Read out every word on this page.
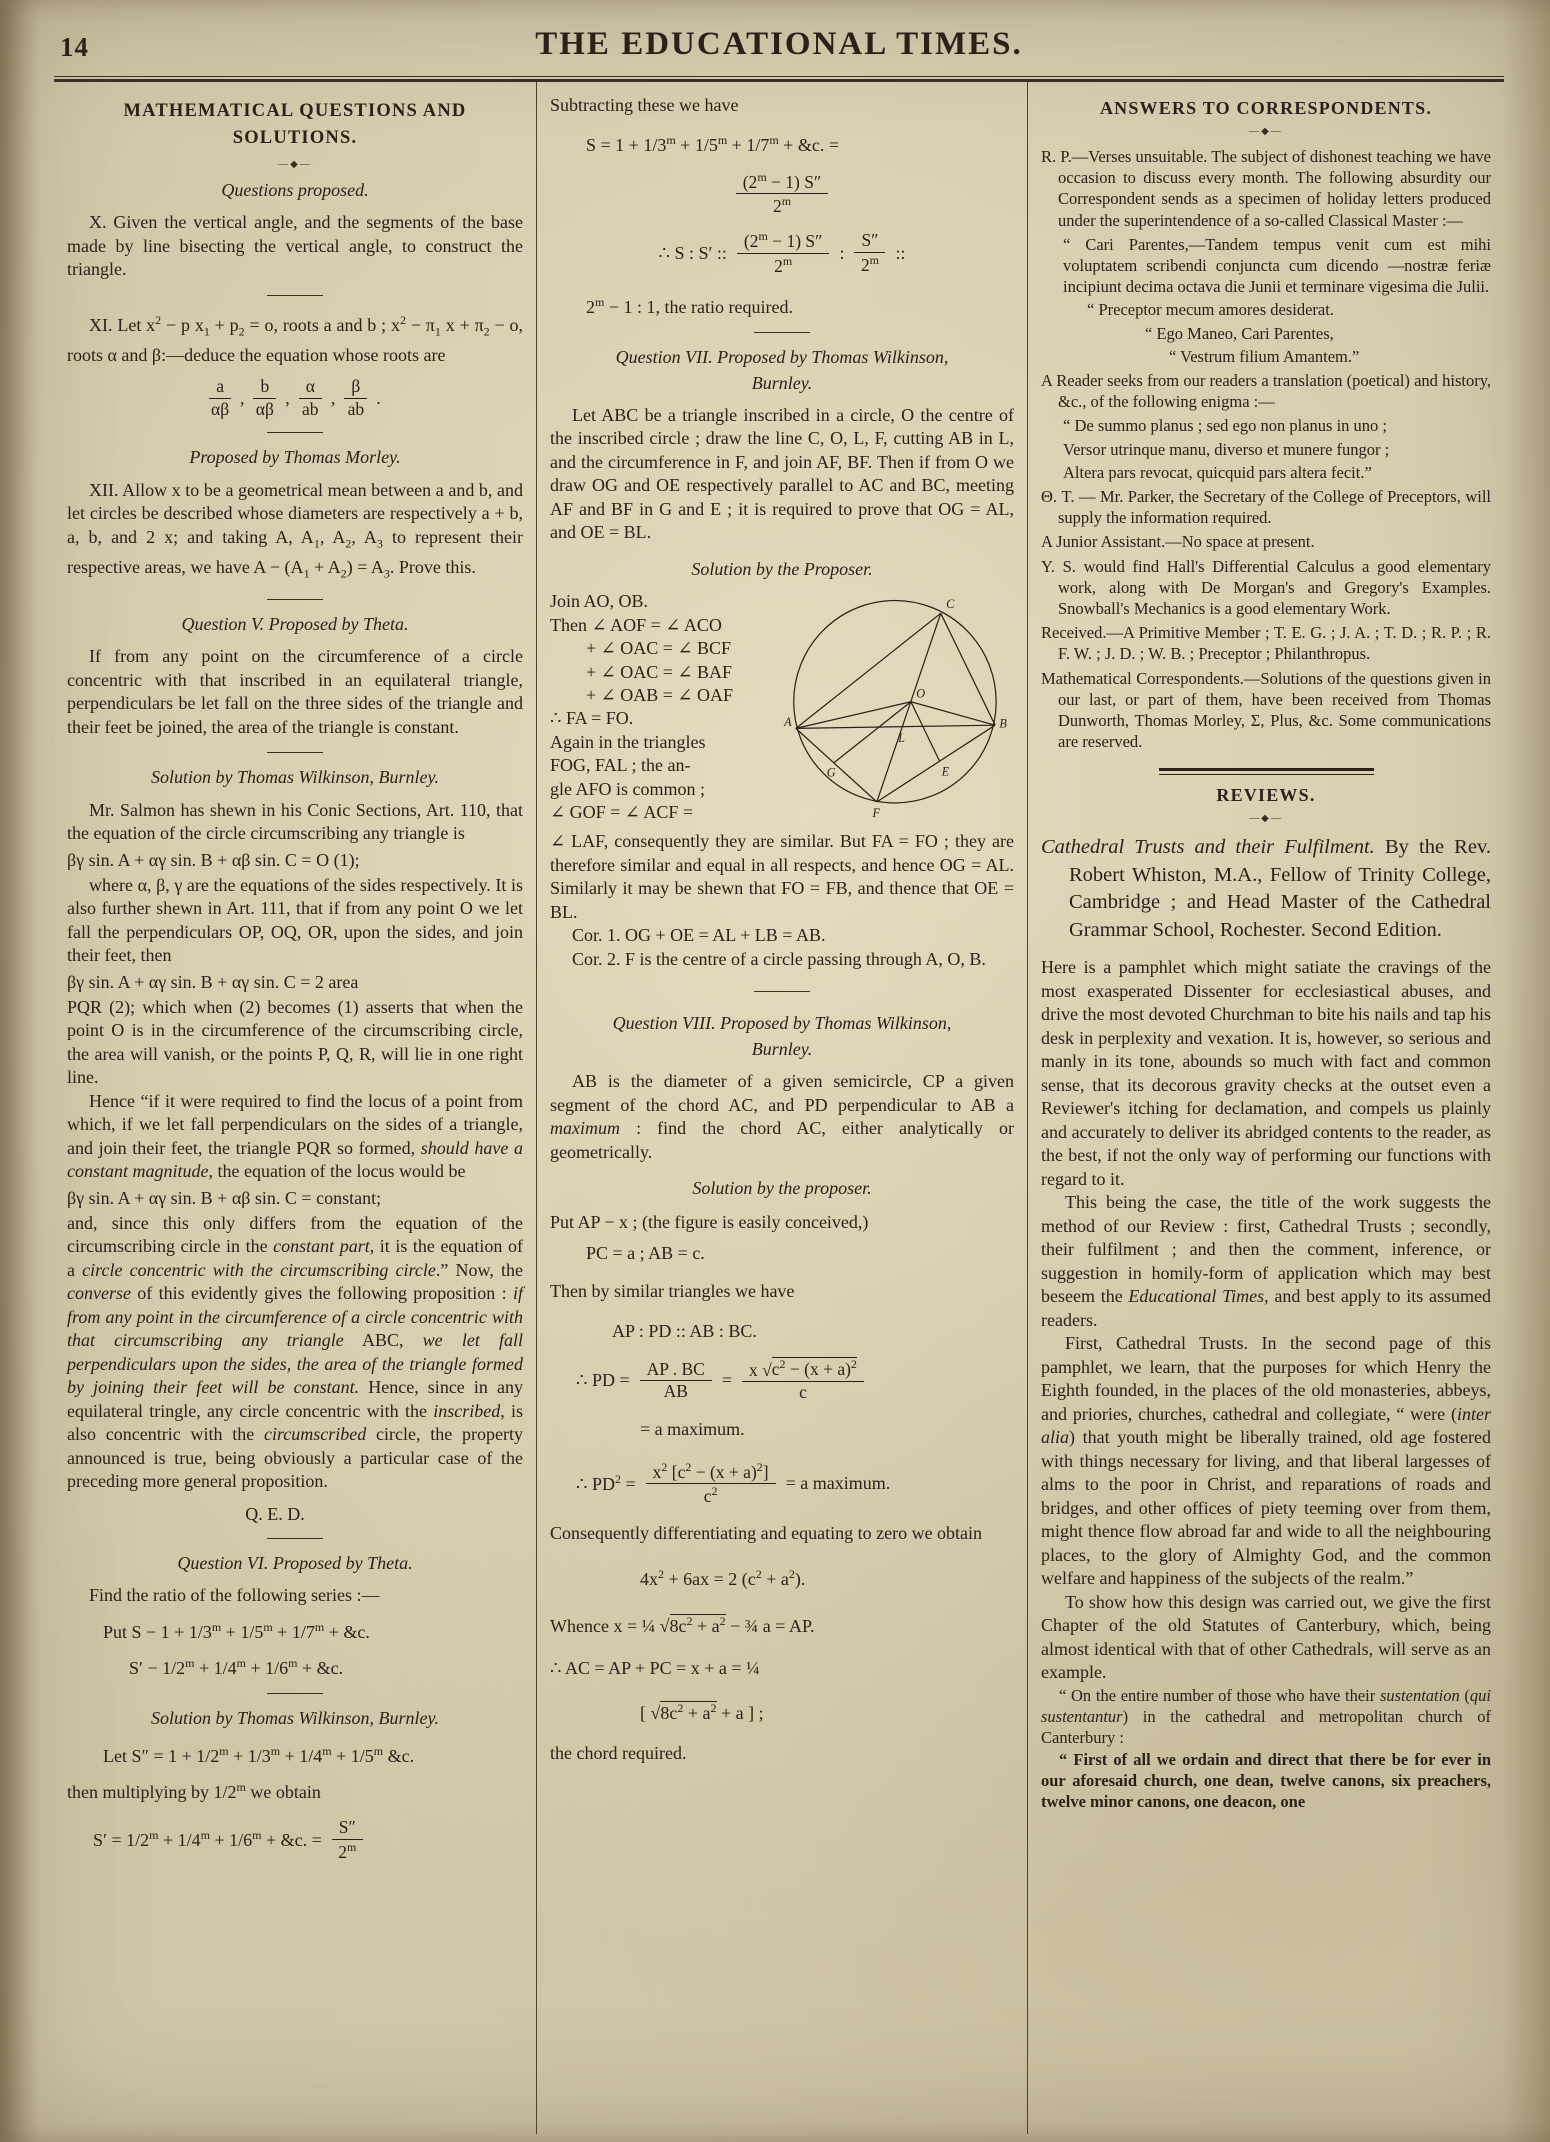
14	THE EDUCATIONAL TIMES.
MATHEMATICAL QUESTIONS AND
SOLUTIONS.
—◆—

Questions proposed.

X. Given the vertical angle, and the segments of the base made by line bisecting the vertical angle, to construct the triangle.

XI. Let $x^2 - p$ $x_1 + p_2 = o$, roots a and b ; $x^2 - \pi_1$ $x + \pi_2 - o$, roots α and β:—deduce the equation whose roots are

$\frac{a}{\alpha\beta}$ , $\frac{b}{\alpha\beta}$ , $\frac{\alpha}{ab}$ , $\frac{\beta}{ab}$ .

Proposed by Thomas Morley.

XII. Allow x to be a geometrical mean between a and b, and let circles be described whose diameters are respectively a + b, a, b, and 2 x; and taking A, $A_1$, $A_2$, $A_3$ to represent their respective areas, we have $A - (A_1 + A_2) = A_3$. Prove this.

Question V. Proposed by Theta.

If from any point on the circumference of a circle concentric with that inscribed in an equilateral triangle, perpendiculars be let fall on the three sides of the triangle and their feet be joined, the area of the triangle is constant.

Solution by Thomas Wilkinson, Burnley.

Mr. Salmon has shewn in his Conic Sections, Art. 110, that the equation of the circle circumscribing any triangle is

βγ sin. A + αγ sin. B + αβ sin. C = O (1);

where α, β, γ are the equations of the sides respectively. It is also further shewn in Art. 111, that if from any point O we let fall the perpendiculars OP, OQ, OR, upon the sides, and join their feet, then

βγ sin. A + αγ sin. B + αγ sin. C = 2 area

PQR (2); which when (2) becomes (1) asserts that when the point O is in the circumference of the circumscribing circle, the area will vanish, or the points P, Q, R, will lie in one right line.

Hence “if it were required to find the locus of a point from which, if we let fall perpendiculars on the sides of a triangle, and join their feet, the triangle PQR so formed, should have a constant magnitude, the equation of the locus would be

βγ sin. A + αγ sin. B + αβ sin. C = constant;

and, since this only differs from the equation of the circumscribing circle in the constant part, it is the equation of a circle concentric with the circumscribing circle.” Now, the converse of this evidently gives the following proposition : if from any point in the circumference of a circle concentric with that circumscribing any triangle ABC, we let fall perpendiculars upon the sides, the area of the triangle formed by joining their feet will be constant. Hence, since in any equilateral tringle, any circle concentric with the inscribed, is also concentric with the circumscribed circle, the property announced is true, being obviously a particular case of the preceding more general proposition.

Q. E. D.

Question VI. Proposed by Theta.

Find the ratio of the following series :—

Put $S - 1 + 1/3^m + 1/5^m + 1/7^m$ + &c.

$S' - 1/2^m + 1/4^m + 1/6^m$ + &c.

Solution by Thomas Wilkinson, Burnley.

Let $S'' = 1 + 1/2^m + 1/3^m + 1/4^m + 1/5^m$ &c.

then multiplying by 1/2$^m$ we obtain

$S' = 1/2^m + 1/4^m + 1/6^m$ + &c. = $\frac{S''}{2^m}$

Subtracting these we have

$S = 1 + 1/3^m + 1/5^m + 1/7^m$ + &c. =

$\frac{(2^m - 1) S''}{2^m}$
∴ S : S′ :: $\frac{(2^m - 1) S''}{2^m}$ : $\frac{S''}{2^m}$ ::

$2^m - 1$ : 1, the ratio required.

Question VII. Proposed by Thomas Wilkinson,

Burnley.

Let ABC be a triangle inscribed in a circle, O the centre of the inscribed circle ; draw the line C, O, L, F, cutting AB in L, and the circumference in F, and join AF, BF. Then if from O we draw OG and OE respectively parallel to AC and BC, meeting AF and BF in G and E ; it is required to prove that OG = AL, and OE = BL.

Solution by the Proposer.

C
O
A	B
F
G
L
E
Join AO, OB.
Then ∠ AOF = ∠ ACO
+ ∠ OAC = ∠ BCF
+ ∠ OAC = ∠ BAF
+ ∠ OAB = ∠ OAF
∴ FA = FO.
Again in the triangles
FOG, FAL ; the an-
gle AFO is common ;
∠ GOF = ∠ ACF =

∠ LAF, consequently they are similar. But FA = FO ; they are therefore similar and equal in all respects, and hence OG = AL. Similarly it may be shewn that FO = FB, and thence that OE = BL.

Cor. 1. OG + OE = AL + LB = AB.

Cor. 2. F is the centre of a circle passing through A, O, B.

Question VIII. Proposed by Thomas Wilkinson,

Burnley.

AB is the diameter of a given semicircle, CP a given segment of the chord AC, and PD perpendicular to AB a maximum : find the chord AC, either analytically or geometrically.

Solution by the proposer.

Put AP − x ; (the figure is easily conceived,)

PC = a ; AB = c.

Then by similar triangles we have

AP : PD :: AB : BC.

∴ PD = $\frac{AP . BC}{AB} = \frac{x √c^2 - (x + a)^2}{c}$

= a maximum.

∴ $PD^2 = \frac{x^2 [c^2 - (x + a)^2]}{c^2} = a$ maximum.

Consequently differentiating and equating to zero we obtain

$4x^2 + 6ax = 2$ $(c^2 + a^2)$.

Whence x = ¼ $√8c^2 + a^2$ − ¾ a = AP.

∴ AC = AP + PC = x + a = ¼

[ $√8c^2 + a^2 + a$ ] ;

the chord required.

ANSWERS TO CORRESPONDENTS.
—◆—

R. P.—Verses unsuitable. The subject of dishonest teaching we have occasion to discuss every month. The following absurdity our Correspondent sends as a specimen of holiday letters produced under the superintendence of a so-called Classical Master :—

“ Cari Parentes,—Tandem tempus venit cum est mihi voluptatem scribendi conjuncta cum dicendo —nostræ feriæ incipiunt decima octava die Junii et terminare vigesima die Julii.

“ Preceptor mecum amores desiderat.

“ Ego Maneo, Cari Parentes,

“ Vestrum filium Amantem.”

A Reader seeks from our readers a translation (poetical) and history, &c., of the following enigma :—

“ De summo planus ; sed ego non planus in uno ;

Versor utrinque manu, diverso et munere fungor ;

Altera pars revocat, quicquid pars altera fecit.”

Θ. T. — Mr. Parker, the Secretary of the College of Preceptors, will supply the information required.

A Junior Assistant.—No space at present.

Y. S. would find Hall's Differential Calculus a good elementary work, along with De Morgan's and Gregory's Examples. Snowball's Mechanics is a good elementary Work.

Received.—A Primitive Member ; T. E. G. ; J. A. ; T. D. ; R. P. ; R. F. W. ; J. D. ; W. B. ; Preceptor ; Philanthropus.

Mathematical Correspondents.—Solutions of the questions given in our last, or part of them, have been received from Thomas Dunworth, Thomas Morley, Σ, Plus, &c. Some communications are reserved.

REVIEWS.
—◆—

Cathedral Trusts and their Fulfilment. By the Rev. Robert Whiston, M.A., Fellow of Trinity College, Cambridge ; and Head Master of the Cathedral Grammar School, Rochester. Second Edition.

Here is a pamphlet which might satiate the cravings of the most exasperated Dissenter for ecclesiastical abuses, and drive the most devoted Churchman to bite his nails and tap his desk in perplexity and vexation. It is, however, so serious and manly in its tone, abounds so much with fact and common sense, that its decorous gravity checks at the outset even a Reviewer's itching for declamation, and compels us plainly and accurately to deliver its abridged contents to the reader, as the best, if not the only way of performing our functions with regard to it.

This being the case, the title of the work suggests the method of our Review : first, Cathedral Trusts ; secondly, their fulfilment ; and then the comment, inference, or suggestion in homily-form of application which may best beseem the Educational Times, and best apply to its assumed readers.

First, Cathedral Trusts. In the second page of this pamphlet, we learn, that the purposes for which Henry the Eighth founded, in the places of the old monasteries, abbeys, and priories, churches, cathedral and collegiate, “ were (inter alia) that youth might be liberally trained, old age fostered with things necessary for living, and that liberal largesses of alms to the poor in Christ, and reparations of roads and bridges, and other offices of piety teeming over from them, might thence flow abroad far and wide to all the neighbouring places, to the glory of Almighty God, and the common welfare and happiness of the subjects of the realm.”

To show how this design was carried out, we give the first Chapter of the old Statutes of Canterbury, which, being almost identical with that of other Cathedrals, will serve as an example.

“ On the entire number of those who have their sustentation (qui sustentantur) in the cathedral and metropolitan church of Canterbury :

“ First of all we ordain and direct that there be for ever in our aforesaid church, one dean, twelve canons, six preachers, twelve minor canons, one deacon, one
